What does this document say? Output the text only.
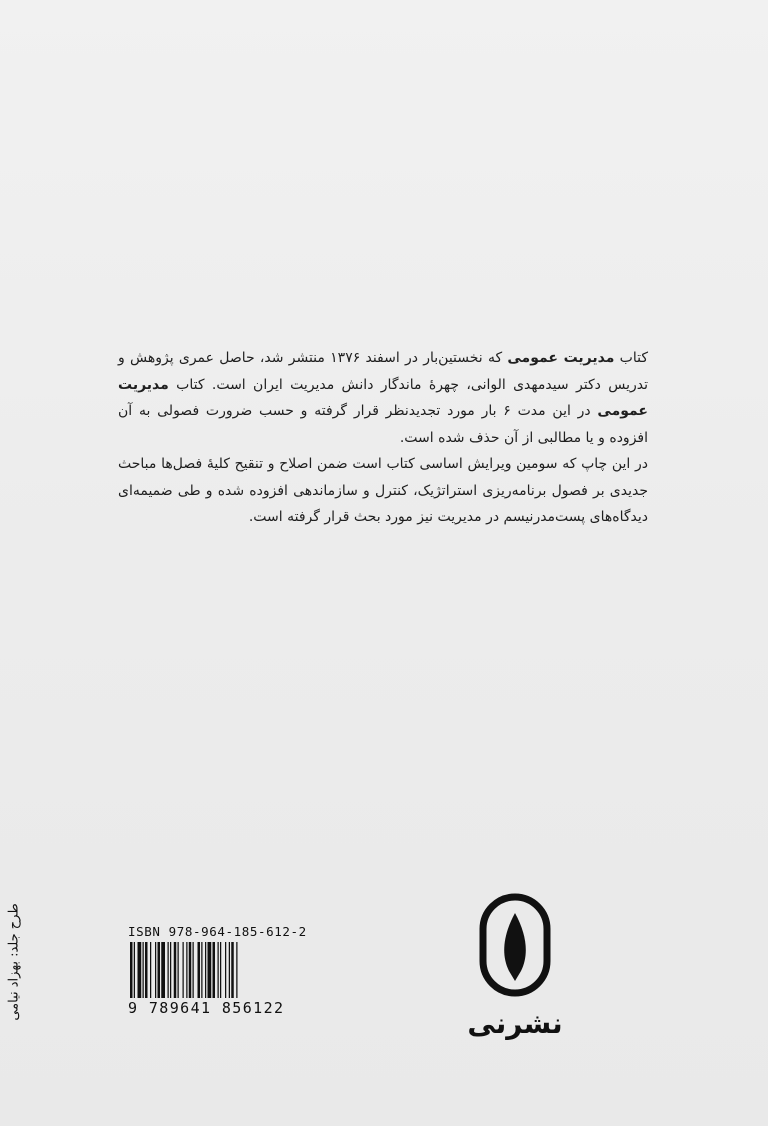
کتاب مدیریت عمومی که نخستین‌بار در اسفند ۱۳۷۶ منتشر شد، حاصل عمری پژوهش و تدریس دکتر سیدمهدی الوانی، چهرهٔ ماندگار دانش مدیریت ایران است. کتاب مدیریت عمومی در این مدت ۶ بار مورد تجدیدنظر قرار گرفته و حسب ضرورت فصولی به آن افزوده و یا مطالبی از آن حذف شده است.

در این چاپ که سومین ویرایش اساسی کتاب است ضمن اصلاح و تنقیح کلیهٔ فصل‌ها مباحث جدیدی بر فصول برنامه‌ریزی استراتژیک، کنترل و سازماندهی افزوده شده و طی ضمیمه‌ای دیدگاه‌های پست‌مدرنیسم در مدیریت نیز مورد بحث قرار گرفته است.

ISBN 978-964-185-612-2
9 789641 856122	نشرنی
طرح جلد: بهزاد نیامی
